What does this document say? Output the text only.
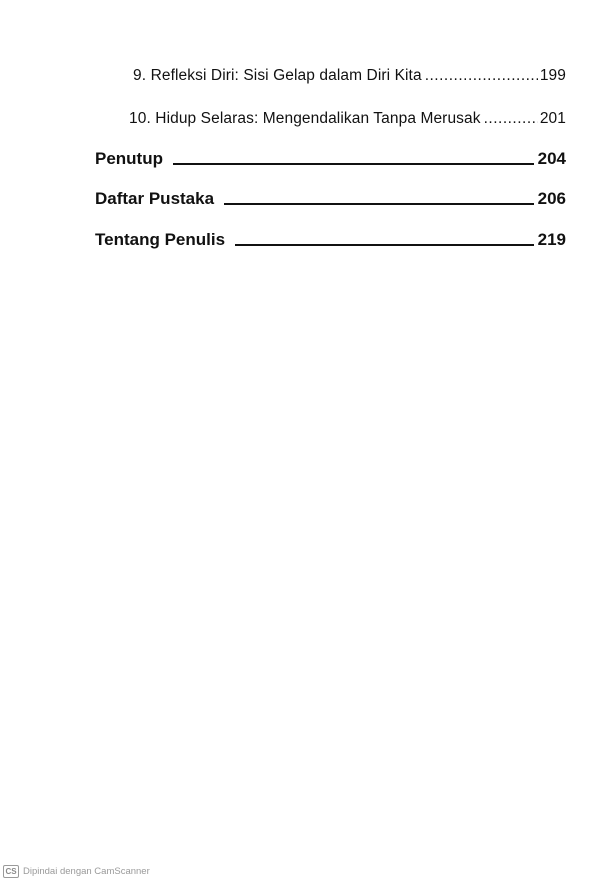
9. Refleksi Diri: Sisi Gelap dalam Diri Kita .....	199
10. Hidup Selaras: Mengendalikan Tanpa Merusak .....	201
Penutup	204
Daftar Pustaka	206
Tentang Penulis	219
CS Dipindai dengan CamScanner
